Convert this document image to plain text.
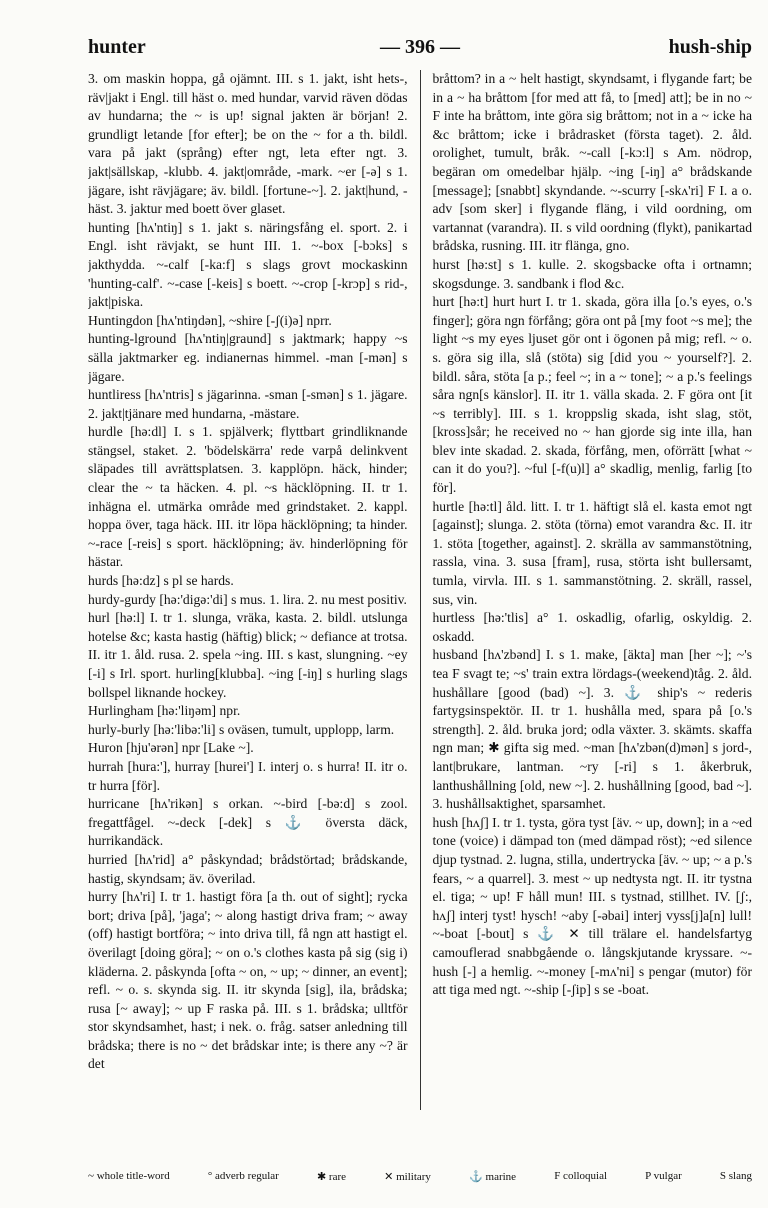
hunter	— 396 —	hush-ship

3. om maskin hoppa, gå ojämnt. III. s 1. jakt, isht hets-, räv|jakt i Engl. till häst o. med hundar, varvid räven dödas av hundarna; the ~ is up! signal jakten är början! 2. grundligt letande [for efter]; be on the ~ for a th. bildl. vara på jakt (språng) efter ngt, leta efter ngt. 3. jakt|sällskap, -klubb. 4. jakt|område, -mark. ~er [-ə] s 1. jägare, isht rävjägare; äv. bildl. [fortune-~]. 2. jakt|hund, -häst. 3. jaktur med boett över glaset.

hunting [hʌ'ntiŋ] s 1. jakt s. näringsfång el. sport. 2. i Engl. isht rävjakt, se hunt III. 1. ~-box [-bɔks] s jakthydda. ~-calf [-ka:f] s slags grovt mockaskinn 'hunting-calf'. ~-case [-keis] s boett. ~-crop [-krɔp] s rid-, jakt|piska.

Huntingdon [hʌ'ntiŋdən], ~shire [-ʃ(i)ə] nprr.

hunting-lground [hʌ'ntiŋ|graund] s jaktmark; happy ~s sälla jaktmarker eg. indianernas himmel. -man [-mən] s jägare.

huntliress [hʌ'ntris] s jägarinna. -sman [-smən] s 1. jägare. 2. jakt|tjänare med hundarna, -mästare.

hurdle [hə:dl] I. s 1. spjälverk; flyttbart grindliknande stängsel, staket. 2. 'bödelskärra' rede varpå delinkvent släpades till avrättsplatsen. 3. kapplöpn. häck, hinder; clear the ~ ta häcken. 4. pl. ~s häcklöpning. II. tr 1. inhägna el. utmärka område med grindstaket. 2. kappl. hoppa över, taga häck. III. itr löpa häcklöpning; ta hinder. ~-race [-reis] s sport. häcklöpning; äv. hinderlöpning för hästar.

hurds [hə:dz] s pl se hards.

hurdy-gurdy [hə:'digə:'di] s mus. 1. lira. 2. nu mest positiv.

hurl [hə:l] I. tr 1. slunga, vräka, kasta. 2. bildl. utslunga hotelse &c; kasta hastig (häftig) blick; ~ defiance at trotsa. II. itr 1. åld. rusa. 2. spela ~ing. III. s kast, slungning. ~ey [-i] s Irl. sport. hurling[klubba]. ~ing [-iŋ] s hurling slags bollspel liknande hockey.

Hurlingham [hə:'liŋəm] npr.

hurly-burly [hə:'libə:'li] s oväsen, tumult, upplopp, larm.

Huron [hju'ərən] npr [Lake ~].

hurrah [hura:'], hurray [hurei'] I. interj o. s hurra! II. itr o. tr hurra [för].

hurricane [hʌ'rikən] s orkan. ~-bird [-bə:d] s zool. fregattfågel. ~-deck [-dek] s ⚓ översta däck, hurrikandäck.

hurried [hʌ'rid] a° påskyndad; brådstörtad; brådskande, hastig, skyndsam; äv. överilad.

hurry [hʌ'ri] I. tr 1. hastigt föra [a th. out of sight]; rycka bort; driva [på], 'jaga'; ~ along hastigt driva fram; ~ away (off) hastigt bortföra; ~ into driva till, få ngn att hastigt el. överilagt [doing göra]; ~ on o.'s clothes kasta på sig (sig i) kläderna. 2. påskynda [ofta ~ on, ~ up; ~ dinner, an event]; refl. ~ o. s. skynda sig. II. itr skynda [sig], ila, brådska; rusa [~ away]; ~ up F raska på. III. s 1. brådska; ulltför stor skyndsamhet, hast; i nek. o. fråg. satser anledning till brådska; there is no ~ det brådskar inte; is there any ~? är det

bråttom? in a ~ helt hastigt, skyndsamt, i flygande fart; be in a ~ ha bråttom [for med att få, to [med] att]; be in no ~ F inte ha bråttom, inte göra sig bråttom; not in a ~ icke ha &c bråttom; icke i brådrasket (första taget). 2. åld. orolighet, tumult, bråk. ~-call [-kɔ:l] s Am. nödrop, begäran om omedelbar hjälp. ~ing [-iŋ] a° brådskande [message]; [snabbt] skyndande. ~-scurry [-skʌ'ri] F I. a o. adv [som sker] i flygande fläng, i vild oordning, om vartannat (varandra). II. s vild oordning (flykt), panikartad brådska, rusning. III. itr flänga, gno.

hurst [hə:st] s 1. kulle. 2. skogsbacke ofta i ortnamn; skogsdunge. 3. sandbank i flod &c.

hurt [hə:t] hurt hurt I. tr 1. skada, göra illa [o.'s eyes, o.'s finger]; göra ngn förfång; göra ont på [my foot ~s me]; the light ~s my eyes ljuset gör ont i ögonen på mig; refl. ~ o. s. göra sig illa, slå (stöta) sig [did you ~ yourself?]. 2. bildl. såra, stöta [a p.; feel ~; in a ~ tone]; ~ a p.'s feelings såra ngn[s känslor]. II. itr 1. välla skada. 2. F göra ont [it ~s terribly]. III. s 1. kroppslig skada, isht slag, stöt, [kross]sår; he received no ~ han gjorde sig inte illa, han blev inte skadad. 2. skada, förfång, men, oförrätt [what ~ can it do you?]. ~ful [-f(u)l] a° skadlig, menlig, farlig [to för].

hurtle [hə:tl] åld. litt. I. tr 1. häftigt slå el. kasta emot ngt [against]; slunga. 2. stöta (törna) emot varandra &c. II. itr 1. stöta [together, against]. 2. skrälla av sammanstötning, rassla, vina. 3. susa [fram], rusa, störta isht bullersamt, tumla, virvla. III. s 1. sammanstötning. 2. skräll, rassel, sus, vin.

hurtless [hə:'tlis] a° 1. oskadlig, ofarlig, oskyldig. 2. oskadd.

husband [hʌ'zbənd] I. s 1. make, [äkta] man [her ~]; ~'s tea F svagt te; ~s' train extra lördags-(weekend)tåg. 2. åld. hushållare [good (bad) ~]. 3. ⚓ ship's ~ rederis fartygsinspektör. II. tr 1. hushålla med, spara på [o.'s strength]. 2. åld. bruka jord; odla växter. 3. skämts. skaffa ngn man; ✱ gifta sig med. ~man [hʌ'zbən(d)mən] s jord-, lant|brukare, lantman. ~ry [-ri] s 1. åkerbruk, lanthushållning [old, new ~]. 2. hushållning [good, bad ~]. 3. hushållsaktighet, sparsamhet.

hush [hʌʃ] I. tr 1. tysta, göra tyst [äv. ~ up, down]; in a ~ed tone (voice) i dämpad ton (med dämpad röst); ~ed silence djup tystnad. 2. lugna, stilla, undertrycka [äv. ~ up; ~ a p.'s fears, ~ a quarrel]. 3. mest ~ up nedtysta ngt. II. itr tystna el. tiga; ~ up! F håll mun! III. s tystnad, stillhet. IV. [ʃ:, hʌʃ] interj tyst! hysch! ~aby [-əbai] interj vyss[j]a[n] lull! ~-boat [-bout] s ⚓ ✕ till trälare el. handelsfartyg camouflerad snabbgående o. långskjutande kryssare. ~-hush [-] a hemlig. ~-money [-mʌ'ni] s pengar (mutor) för att tiga med ngt. ~-ship [-ʃip] s se -boat.

~ whole title-word	° adverb regular	✱ rare	✕ military	⚓ marine	F colloquial	P vulgar	S slang
